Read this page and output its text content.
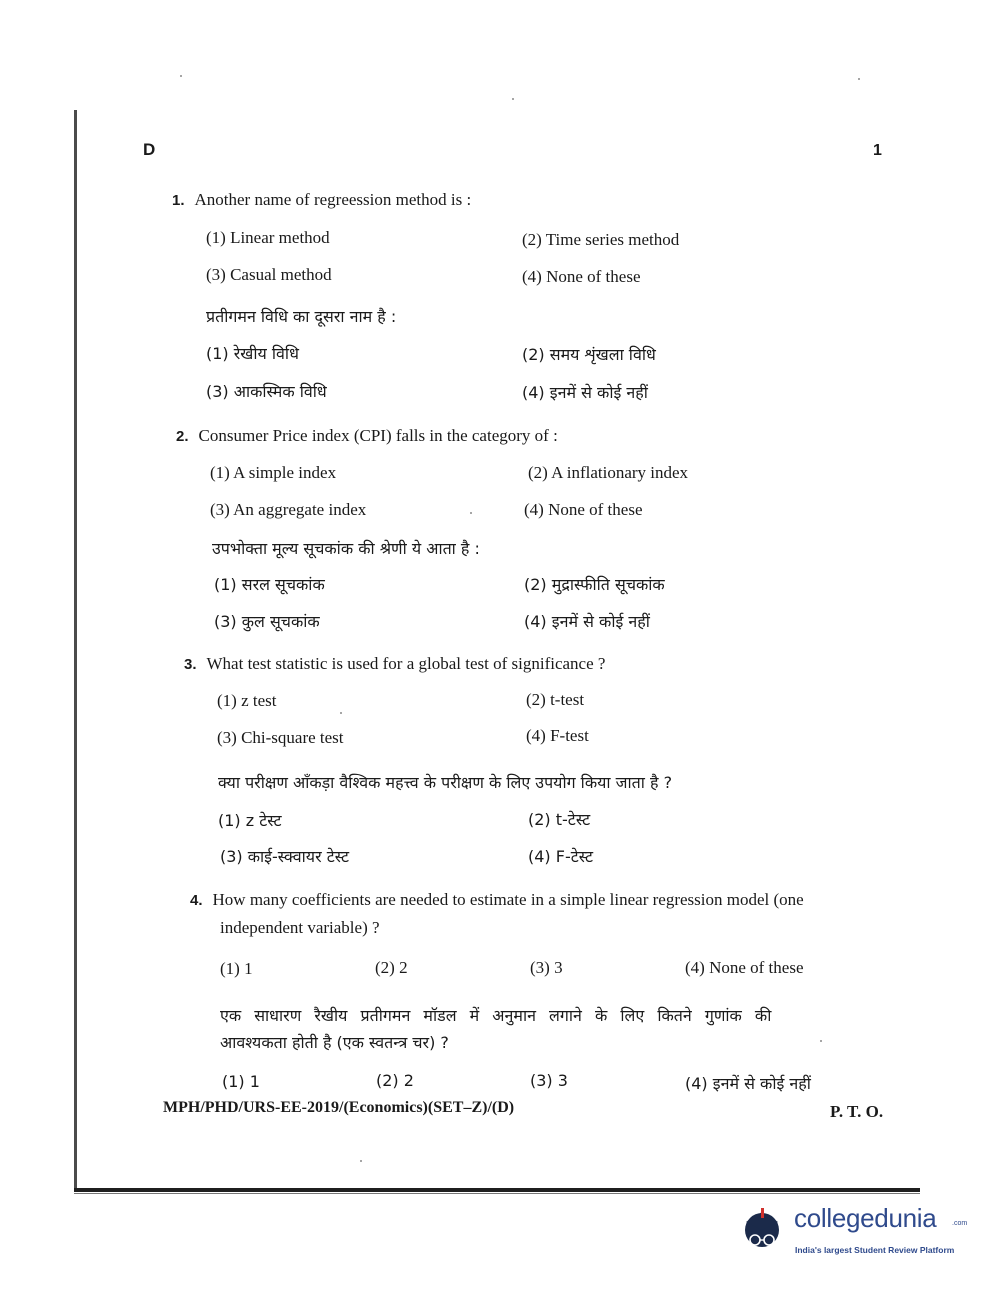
D	1
1. Another name of regreession method is :
(1) Linear method	(2) Time series method
(3) Casual method	(4) None of these
प्रतीगमन विधि का दूसरा नाम है :
(1) रेखीय विधि	(2) समय शृंखला विधि
(3) आकस्मिक विधि	(4) इनमें से कोई नहीं
2. Consumer Price index (CPI) falls in the category of :
(1) A simple index	(2) A inflationary index
(3) An aggregate index	(4) None of these
उपभोक्ता मूल्य सूचकांक की श्रेणी ये आता है :
(1) सरल सूचकांक	(2) मुद्रास्फीति सूचकांक
(3) कुल सूचकांक	(4) इनमें से कोई नहीं
3. What test statistic is used for a global test of significance ?
(1) z test	(2) t-test
(3) Chi-square test	(4) F-test
क्या परीक्षण आँकड़ा वैश्विक महत्त्व के परीक्षण के लिए उपयोग किया जाता है ?
(1) z टेस्ट	(2) t-टेस्ट
(3) काई-स्क्वायर टेस्ट	(4) F-टेस्ट
4. How many coefficients are needed to estimate in a simple linear regression model (one
independent variable) ?
(1) 1	(2) 2	(3) 3	(4) None of these
एक साधारण रैखीय प्रतीगमन मॉडल में अनुमान लगाने के लिए कितने गुणांक की
आवश्यकता होती है (एक स्वतन्त्र चर) ?
(1) 1	(2) 2	(3) 3	(4) इनमें से कोई नहीं
MPH/PHD/URS-EE-2019/(Economics)(SET–Z)/(D)	P. T. O.
collegedunia .com
India's largest Student Review Platform
